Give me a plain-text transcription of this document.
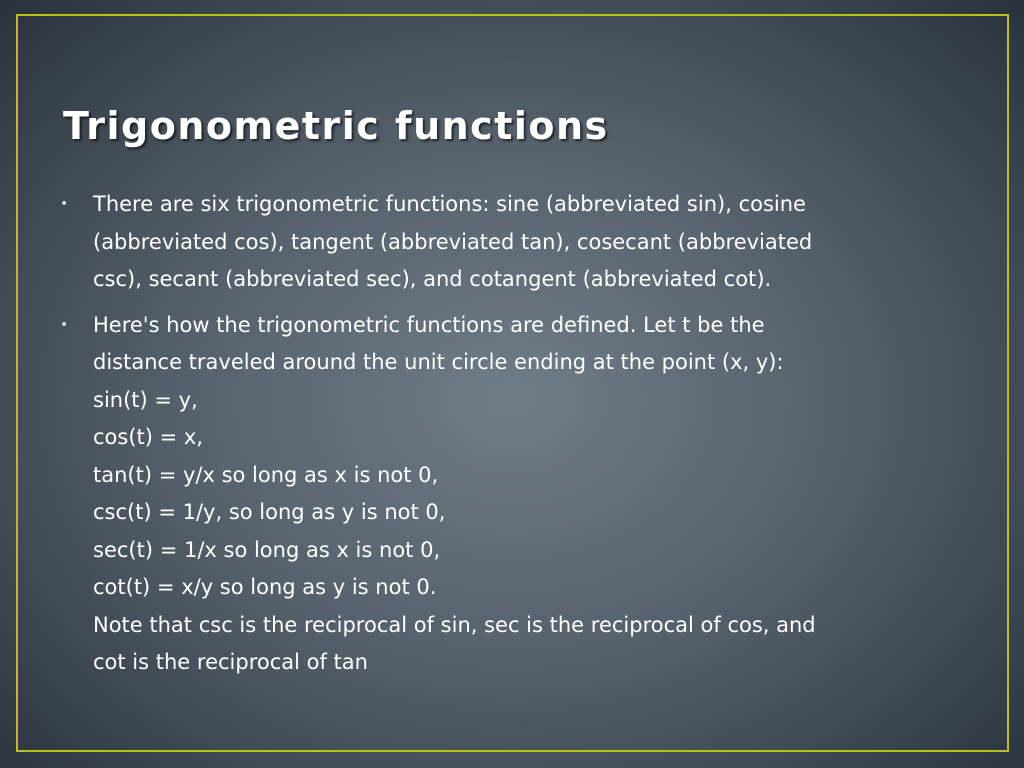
Trigonometric functions
• There are six trigonometric functions: sine (abbreviated sin), cosine
(abbreviated cos), tangent (abbreviated tan), cosecant (abbreviated
csc), secant (abbreviated sec), and cotangent (abbreviated cot).
• Here's how the trigonometric functions are defined. Let t be the
distance traveled around the unit circle ending at the point (x, y):
sin(t) = y,
cos(t) = x,
tan(t) = y/x so long as x is not 0,
csc(t) = 1/y, so long as y is not 0,
sec(t) = 1/x so long as x is not 0,
cot(t) = x/y so long as y is not 0.
Note that csc is the reciprocal of sin, sec is the reciprocal of cos, and
cot is the reciprocal of tan
